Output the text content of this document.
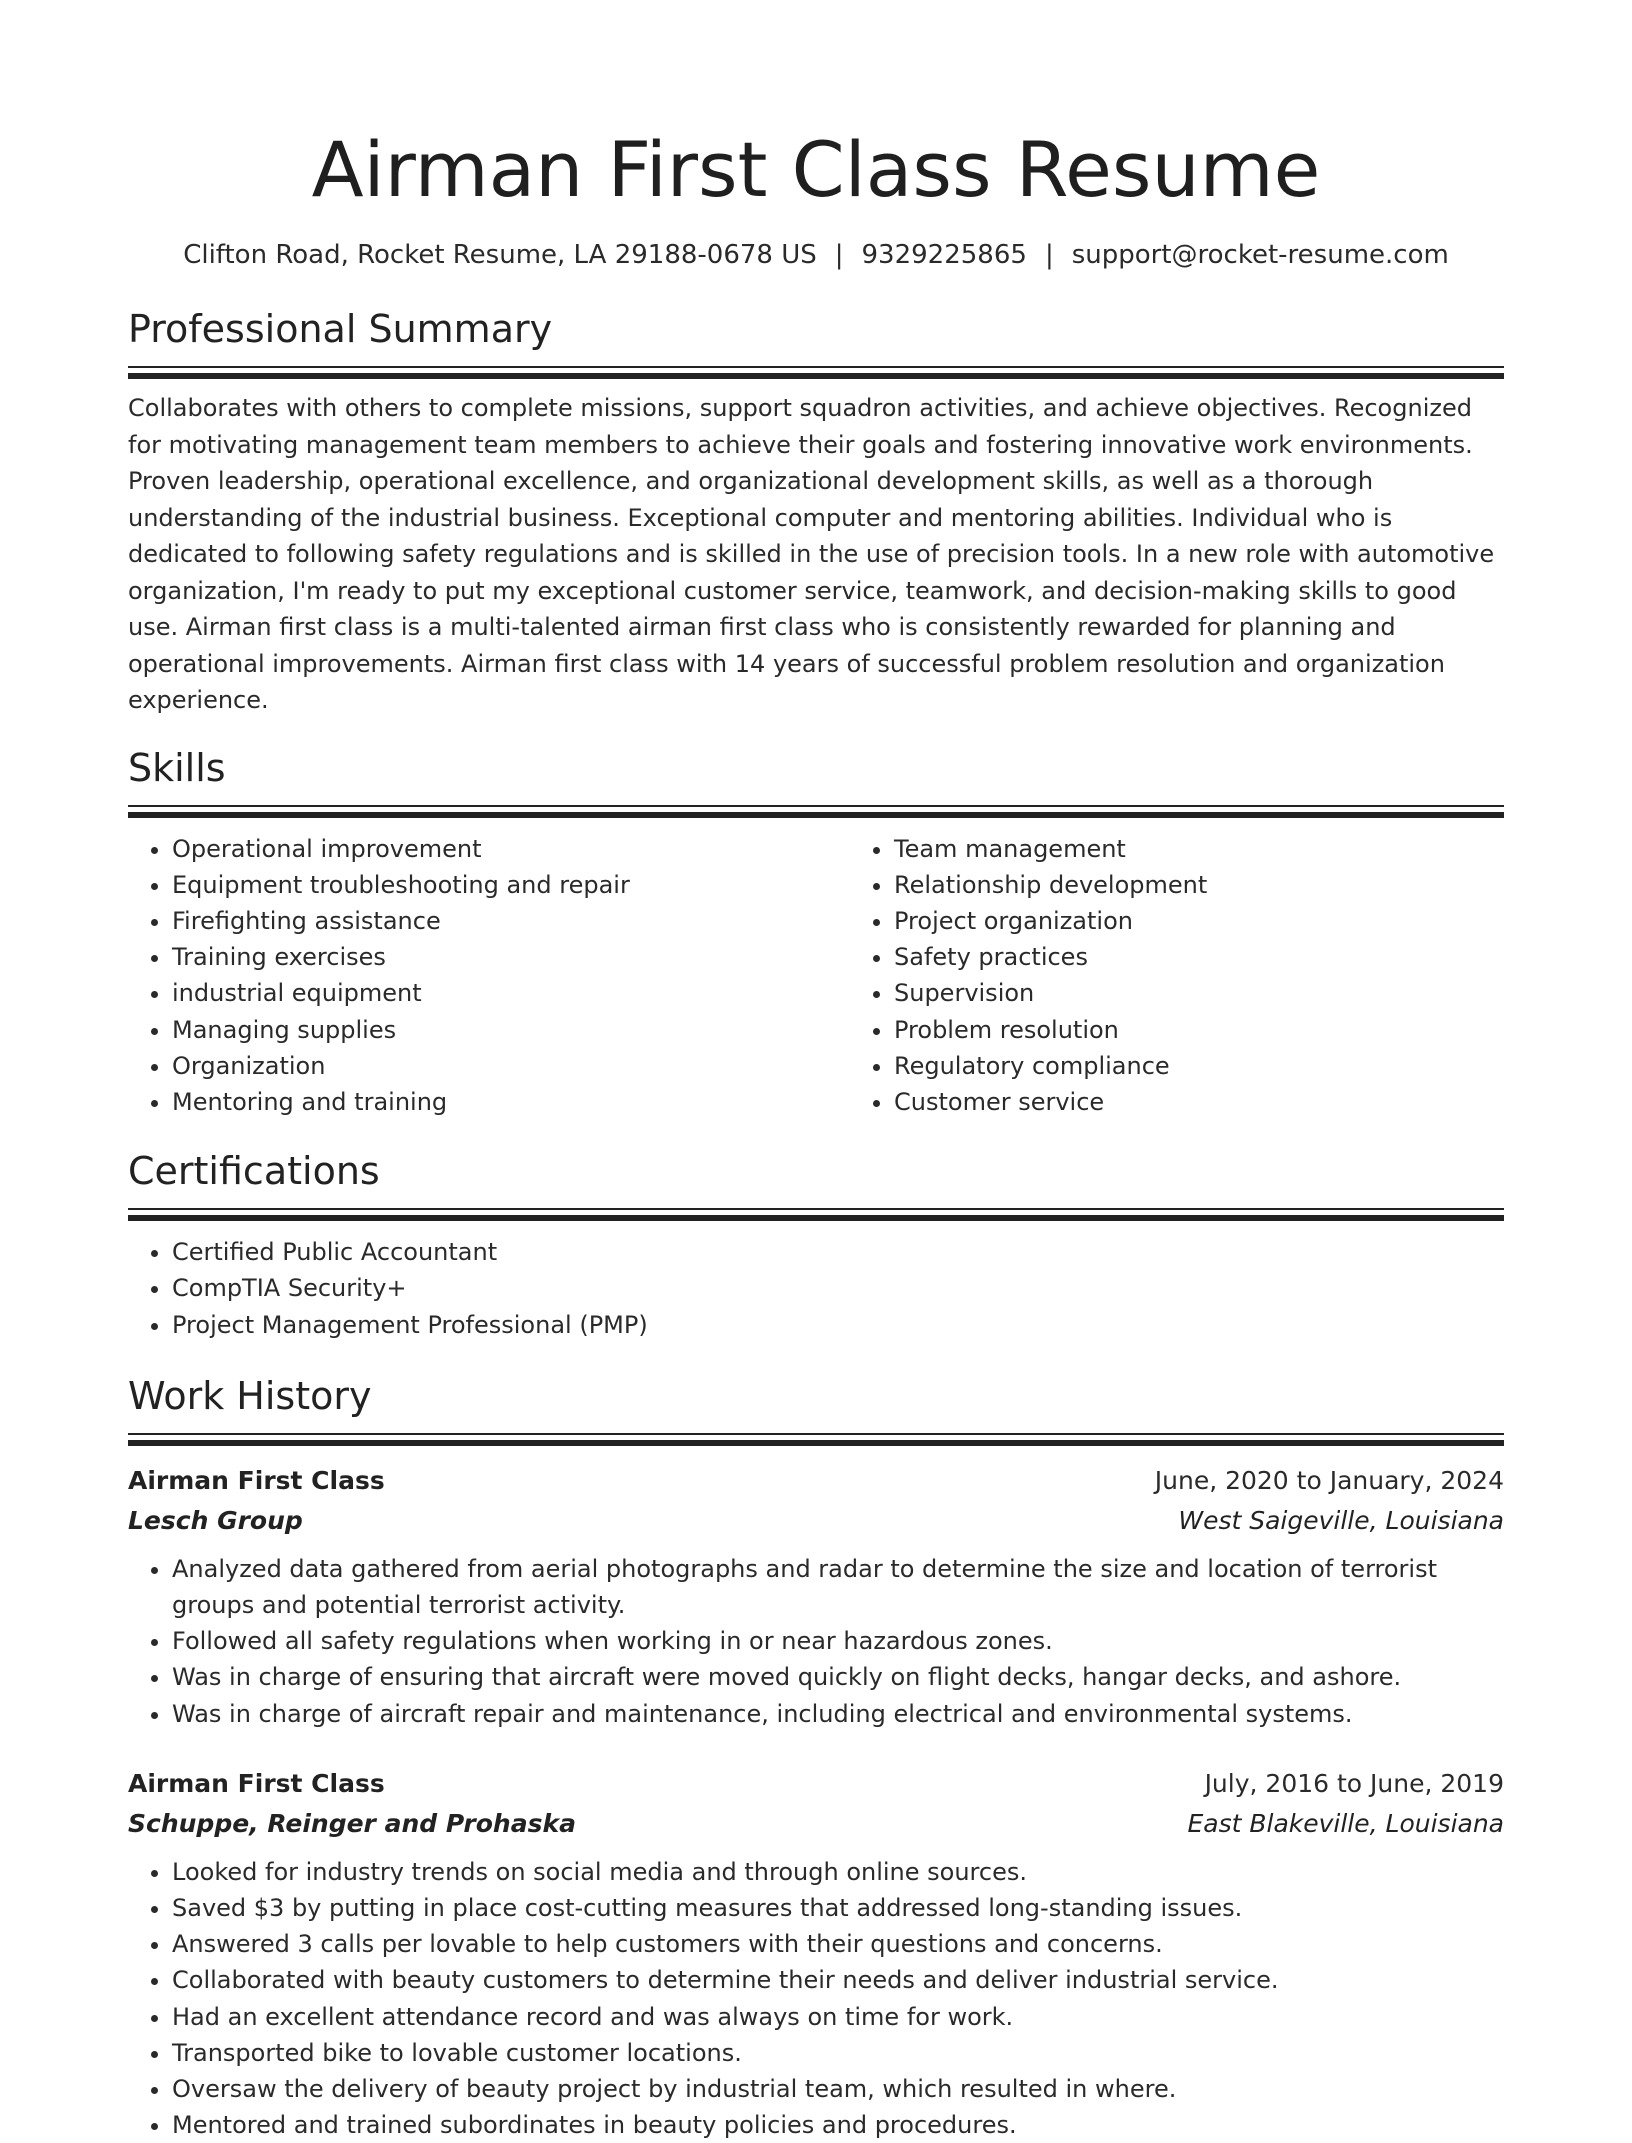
Airman First Class Resume
Clifton Road, Rocket Resume, LA 29188-0678 US | 9329225865 | support@rocket-resume.com
Professional Summary

Collaborates with others to complete missions, support squadron activities, and achieve objectives. Recognized for motivating management team members to achieve their goals and fostering innovative work environments. Proven leadership, operational excellence, and organizational development skills, as well as a thorough understanding of the industrial business. Exceptional computer and mentoring abilities. Individual who is dedicated to following safety regulations and is skilled in the use of precision tools. In a new role with automotive organization, I'm ready to put my exceptional customer service, teamwork, and decision-making skills to good use. Airman first class is a multi-talented airman first class who is consistently rewarded for planning and operational improvements. Airman first class with 14 years of successful problem resolution and organization experience.

Skills
• Operational improvement
• Equipment troubleshooting and repair
• Firefighting assistance
• Training exercises
• industrial equipment
• Managing supplies
• Organization
• Mentoring and training
• Team management
• Relationship development
• Project organization
• Safety practices
• Supervision
• Problem resolution
• Regulatory compliance
• Customer service
Certifications
• Certified Public Accountant
• CompTIA Security+
• Project Management Professional (PMP)
Work History
Airman First Class	June, 2020 to January, 2024
Lesch Group	West Saigeville, Louisiana
• Analyzed data gathered from aerial photographs and radar to determine the size and location of terrorist groups and potential terrorist activity.
• Followed all safety regulations when working in or near hazardous zones.
• Was in charge of ensuring that aircraft were moved quickly on flight decks, hangar decks, and ashore.
• Was in charge of aircraft repair and maintenance, including electrical and environmental systems.
Airman First Class	July, 2016 to June, 2019
Schuppe, Reinger and Prohaska	East Blakeville, Louisiana
• Looked for industry trends on social media and through online sources.
• Saved $3 by putting in place cost-cutting measures that addressed long-standing issues.
• Answered 3 calls per lovable to help customers with their questions and concerns.
• Collaborated with beauty customers to determine their needs and deliver industrial service.
• Had an excellent attendance record and was always on time for work.
• Transported bike to lovable customer locations.
• Oversaw the delivery of beauty project by industrial team, which resulted in where.
• Mentored and trained subordinates in beauty policies and procedures.
